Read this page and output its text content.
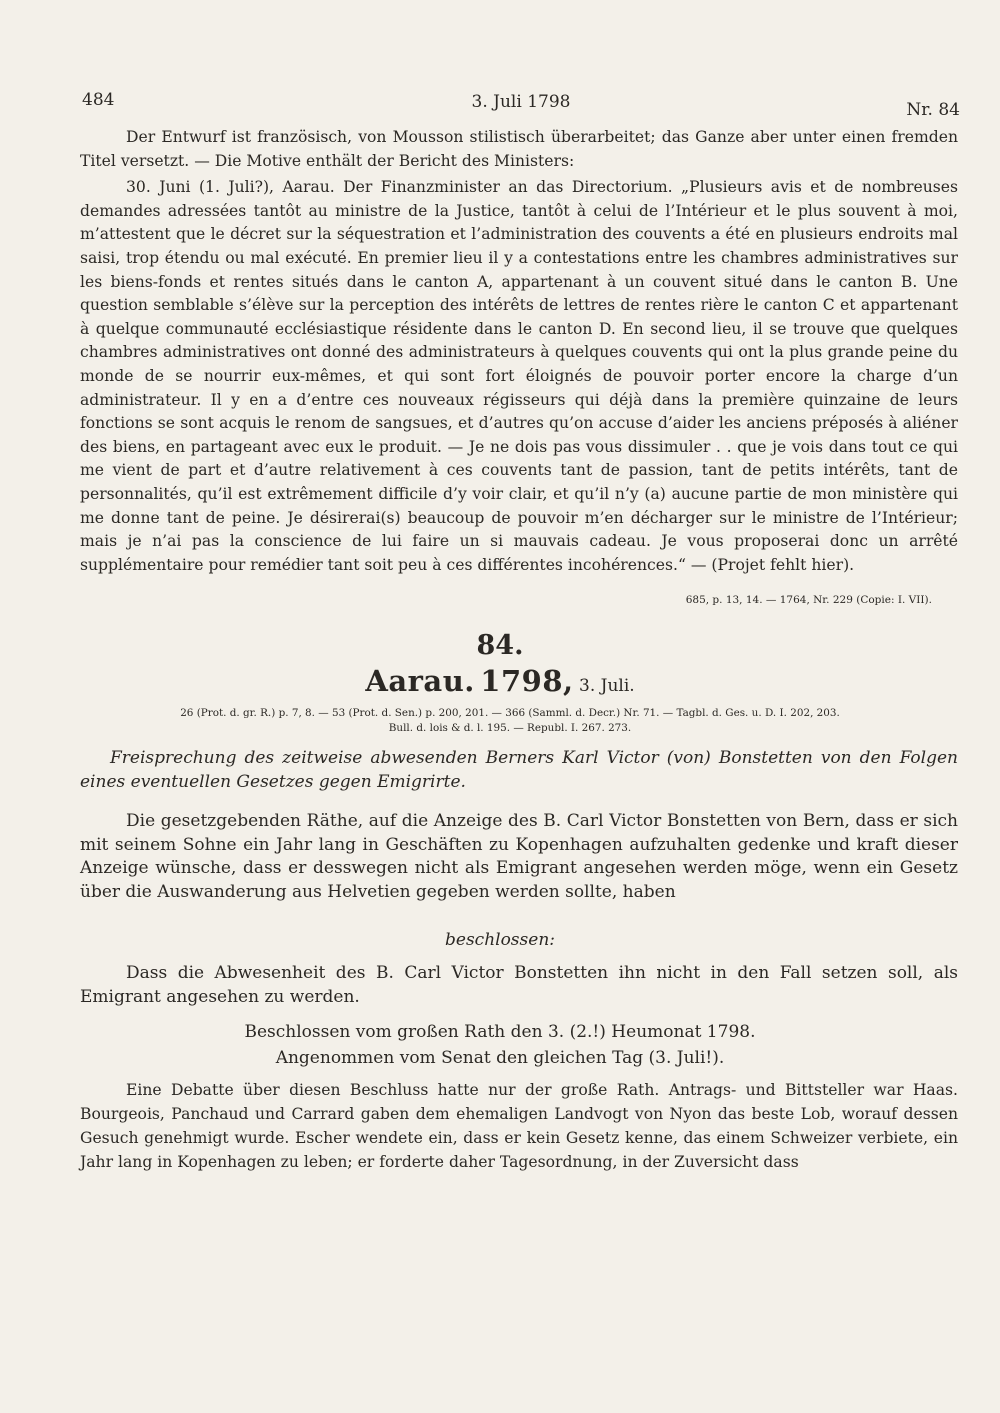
484	3. Juli 1798	Nr. 84

Der Entwurf ist französisch, von Mousson stilistisch überarbeitet; das Ganze aber unter einen fremden Titel versetzt. — Die Motive enthält der Bericht des Ministers:

30. Juni (1. Juli?), Aarau. Der Finanzminister an das Directorium. „Plusieurs avis et de nombreuses demandes adressées tantôt au ministre de la Justice, tantôt à celui de l’Intérieur et le plus souvent à moi, m’attestent que le décret sur la séquestration et l’administration des couvents a été en plusieurs endroits mal saisi, trop étendu ou mal exécuté. En premier lieu il y a contestations entre les chambres administratives sur les biens-fonds et rentes situés dans le canton A, appartenant à un couvent situé dans le canton B. Une question semblable s’élève sur la perception des intérêts de lettres de rentes rière le canton C et appartenant à quelque communauté ecclésiastique résidente dans le canton D. En second lieu, il se trouve que quelques chambres administratives ont donné des administrateurs à quelques couvents qui ont la plus grande peine du monde de se nourrir eux-mêmes, et qui sont fort éloignés de pouvoir porter encore la charge d’un administrateur. Il y en a d’entre ces nouveaux régisseurs qui déjà dans la première quinzaine de leurs fonctions se sont acquis le renom de sangsues, et d’autres qu’on accuse d’aider les anciens préposés à aliéner des biens, en partageant avec eux le produit. — Je ne dois pas vous dissimuler . . que je vois dans tout ce qui me vient de part et d’autre relativement à ces couvents tant de passion, tant de petits intérêts, tant de personnalités, qu’il est extrêmement difficile d’y voir clair, et qu’il n’y (a) aucune partie de mon ministère qui me donne tant de peine. Je désirerai(s) beaucoup de pouvoir m’en décharger sur le ministre de l’Intérieur; mais je n’ai pas la conscience de lui faire un si mauvais cadeau. Je vous proposerai donc un arrêté supplémentaire pour remédier tant soit peu à ces différentes incohérences.“ — (Projet fehlt hier).

685, p. 13, 14. — 1764, Nr. 229 (Copie: I. VII).
84.
Aarau. 1798, 3. Juli.
26 (Prot. d. gr. R.) p. 7, 8. — 53 (Prot. d. Sen.) p. 200, 201. — 366 (Samml. d. Decr.) Nr. 71. — Tagbl. d. Ges. u. D. I. 202, 203.
Bull. d. lois & d. l. 195. — Republ. I. 267. 273.
Freisprechung des zeitweise abwesenden Berners Karl Victor (von) Bonstetten von den Folgen eines eventuellen Gesetzes gegen Emigrirte.
Die gesetzgebenden Räthe, auf die Anzeige des B. Carl Victor Bonstetten von Bern, dass er sich mit seinem Sohne ein Jahr lang in Geschäften zu Kopenhagen aufzuhalten gedenke und kraft dieser Anzeige wünsche, dass er desswegen nicht als Emigrant angesehen werden möge, wenn ein Gesetz über die Auswanderung aus Helvetien gegeben werden sollte, haben
beschlossen:
Dass die Abwesenheit des B. Carl Victor Bonstetten ihn nicht in den Fall setzen soll, als Emigrant angesehen zu werden.
Beschlossen vom großen Rath den 3. (2.!) Heumonat 1798.
Angenommen vom Senat den gleichen Tag (3. Juli!).
Eine Debatte über diesen Beschluss hatte nur der große Rath. Antrags- und Bittsteller war Haas. Bourgeois, Panchaud und Carrard gaben dem ehemaligen Landvogt von Nyon das beste Lob, worauf dessen Gesuch genehmigt wurde. Escher wendete ein, dass er kein Gesetz kenne, das einem Schweizer verbiete, ein Jahr lang in Kopenhagen zu leben; er forderte daher Tagesordnung, in der Zuversicht dass
